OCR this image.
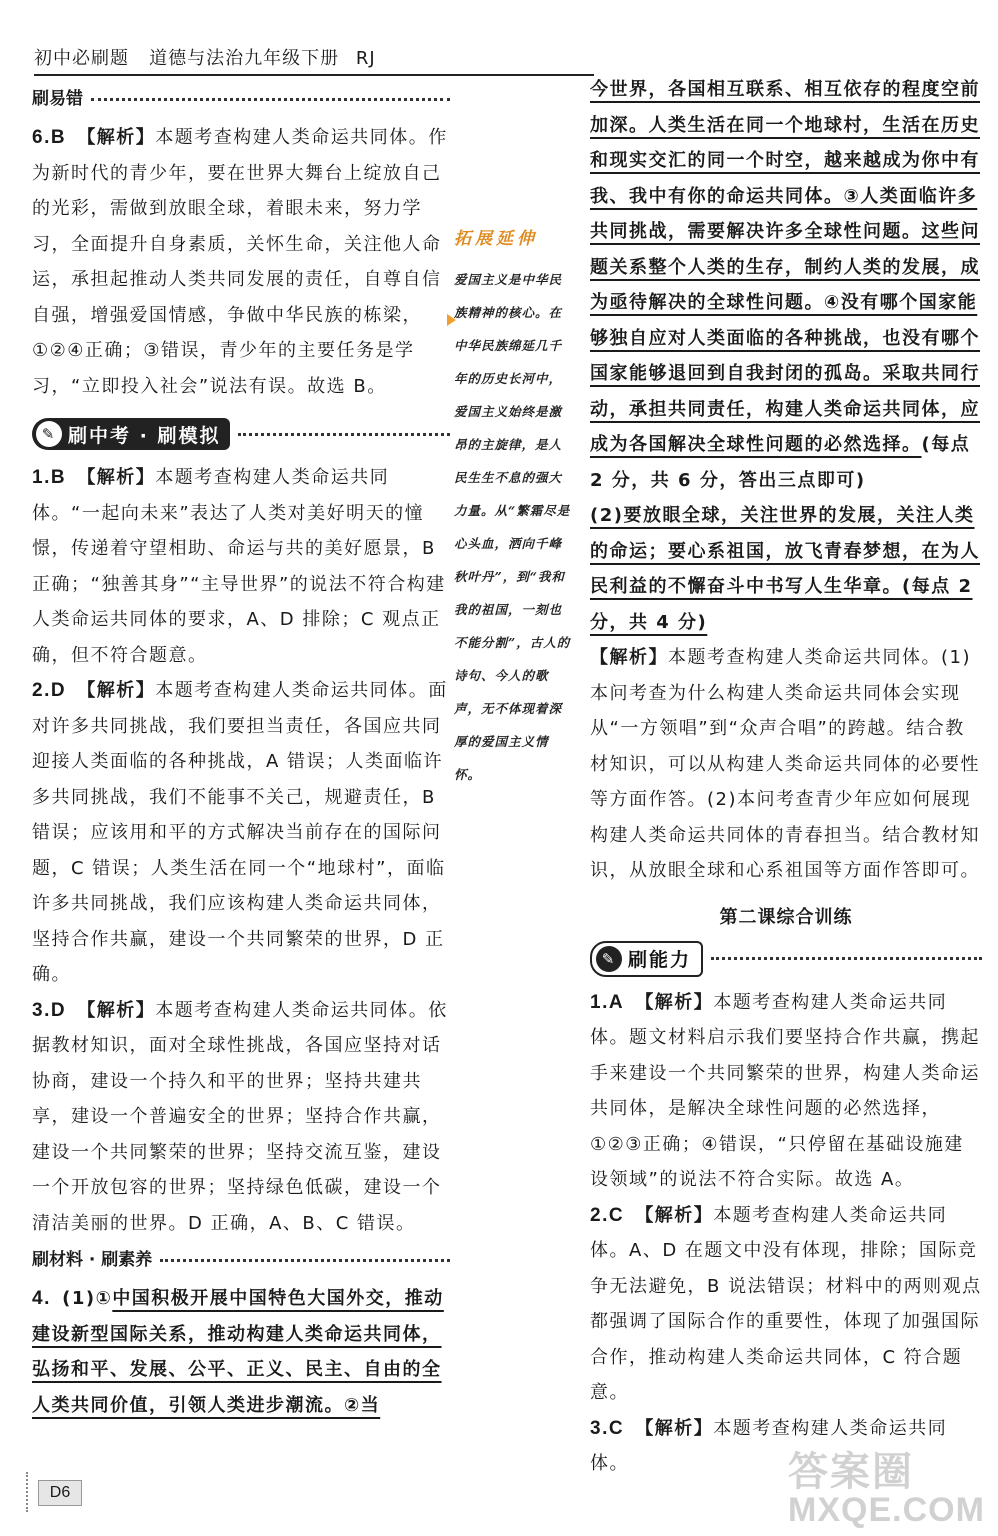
初中必刷题 道德与法治九年级下册 RJ
刷易错

6.B 【解析】本题考查构建人类命运共同体。作为新时代的青少年，要在世界大舞台上绽放自己的光彩，需做到放眼全球，着眼未来，努力学习，全面提升自身素质，关怀生命，关注他人命运，承担起推动人类共同发展的责任，自尊自信自强，增强爱国情感，争做中华民族的栋梁，①②④正确；③错误，青少年的主要任务是学习，“立即投入社会”说法有误。故选 B。

✎ 刷中考 · 刷模拟

1.B 【解析】本题考查构建人类命运共同体。“一起向未来”表达了人类对美好明天的憧憬，传递着守望相助、命运与共的美好愿景，B 正确；“独善其身”“主导世界”的说法不符合构建人类命运共同体的要求，A、D 排除；C 观点正确，但不符合题意。

2.D 【解析】本题考查构建人类命运共同体。面对许多共同挑战，我们要担当责任，各国应共同迎接人类面临的各种挑战，A 错误；人类面临许多共同挑战，我们不能事不关己，规避责任，B 错误；应该用和平的方式解决当前存在的国际问题，C 错误；人类生活在同一个“地球村”，面临许多共同挑战，我们应该构建人类命运共同体，坚持合作共赢，建设一个共同繁荣的世界，D 正确。

3.D 【解析】本题考查构建人类命运共同体。依据教材知识，面对全球性挑战，各国应坚持对话协商，建设一个持久和平的世界；坚持共建共享，建设一个普遍安全的世界；坚持合作共赢，建设一个共同繁荣的世界；坚持交流互鉴，建设一个开放包容的世界；坚持绿色低碳，建设一个清洁美丽的世界。D 正确，A、B、C 错误。

刷材料 · 刷素养

4. (1)①中国积极开展中国特色大国外交，推动建设新型国际关系，推动构建人类命运共同体，弘扬和平、发展、公平、正义、民主、自由的全人类共同价值，引领人类进步潮流。②当

拓展延伸
爱国主义是中华民族精神的核心。在中华民族绵延几千年的历史长河中，爱国主义始终是激昂的主旋律，是人民生生不息的强大力量。从“繁霜尽是心头血，洒向千峰秋叶丹”，到“我和我的祖国，一刻也不能分割”，古人的诗句、今人的歌声，无不体现着深厚的爱国主义情怀。

今世界，各国相互联系、相互依存的程度空前加深。人类生活在同一个地球村，生活在历史和现实交汇的同一个时空，越来越成为你中有我、我中有你的命运共同体。③人类面临许多共同挑战，需要解决许多全球性问题。这些问题关系整个人类的生存，制约人类的发展，成为亟待解决的全球性问题。④没有哪个国家能够独自应对人类面临的各种挑战，也没有哪个国家能够退回到自我封闭的孤岛。采取共同行动，承担共同责任，构建人类命运共同体，应成为各国解决全球性问题的必然选择。(每点 2 分，共 6 分，答出三点即可)

(2)要放眼全球，关注世界的发展，关注人类的命运；要心系祖国，放飞青春梦想，在为人民利益的不懈奋斗中书写人生华章。(每点 2 分，共 4 分)

【解析】本题考查构建人类命运共同体。(1)本问考查为什么构建人类命运共同体会实现从“一方领唱”到“众声合唱”的跨越。结合教材知识，可以从构建人类命运共同体的必要性等方面作答。(2)本问考查青少年应如何展现构建人类命运共同体的青春担当。结合教材知识，从放眼全球和心系祖国等方面作答即可。

第二课综合训练
✎ 刷能力

1.A 【解析】本题考查构建人类命运共同体。题文材料启示我们要坚持合作共赢，携起手来建设一个共同繁荣的世界，构建人类命运共同体，是解决全球性问题的必然选择，①②③正确；④错误，“只停留在基础设施建设领域”的说法不符合实际。故选 A。

2.C 【解析】本题考查构建人类命运共同体。A、D 在题文中没有体现，排除；国际竞争无法避免，B 说法错误；材料中的两则观点都强调了国际合作的重要性，体现了加强国际合作，推动构建人类命运共同体，C 符合题意。

3.C 【解析】本题考查构建人类命运共同体。

D6	答案圈
MXQE.COM
